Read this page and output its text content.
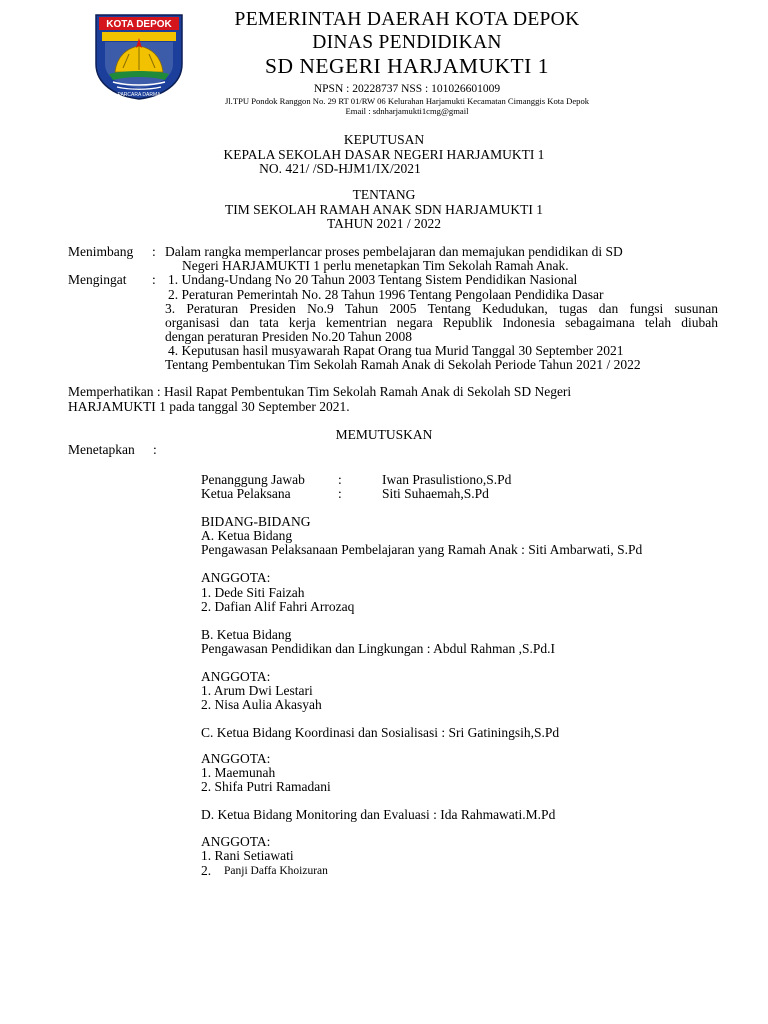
KOTA DEPOK
PARCARA DARMA
PEMERINTAH DAERAH KOTA DEPOK
DINAS PENDIDIKAN
SD NEGERI HARJAMUKTI 1
NPSN : 20228737 NSS : 101026601009
Jl.TPU Pondok Ranggon No. 29 RT 01/RW 06 Kelurahan Harjamukti Kecamatan Cimanggis Kota Depok
Email : sdnharjamukti1cmg@gmail
KEPUTUSAN
KEPALA SEKOLAH DASAR NEGERI HARJAMUKTI 1
NO. 421/ /SD-HJM1/IX/2021
TENTANG
TIM SEKOLAH RAMAH ANAK SDN HARJAMUKTI 1
TAHUN 2021 / 2022
Menimbang : Dalam rangka memperlancar proses pembelajaran dan memajukan pendidikan di SD
Negeri HARJAMUKTI 1 perlu menetapkan Tim Sekolah Ramah Anak.
Mengingat : 1. Undang-Undang No 20 Tahun 2003 Tentang Sistem Pendidikan Nasional
2. Peraturan Pemerintah No. 28 Tahun 1996 Tentang Pengolaan Pendidika Dasar
3. Peraturan Presiden No.9 Tahun 2005 Tentang Kedudukan, tugas dan fungsi susunan
organisasi dan tata kerja kementrian negara Republik Indonesia sebagaimana telah diubah
dengan peraturan Presiden No.20 Tahun 2008
4. Keputusan hasil musyawarah Rapat Orang tua Murid Tanggal 30 September 2021
Tentang Pembentukan Tim Sekolah Ramah Anak di Sekolah Periode Tahun 2021 / 2022
Memperhatikan : Hasil Rapat Pembentukan Tim Sekolah Ramah Anak di Sekolah SD Negeri
HARJAMUKTI 1 pada tanggal 30 September 2021.
MEMUTUSKAN
Menetapkan :
Penanggung Jawab :	Iwan Prasulistiono,S.Pd
Ketua Pelaksana	:	Siti Suhaemah,S.Pd
BIDANG-BIDANG
A. Ketua Bidang
Pengawasan Pelaksanaan Pembelajaran yang Ramah Anak : Siti Ambarwati, S.Pd
ANGGOTA:
1. Dede Siti Faizah
2. Dafian Alif Fahri Arrozaq
B. Ketua Bidang
Pengawasan Pendidikan dan Lingkungan : Abdul Rahman ,S.Pd.I
ANGGOTA:
1. Arum Dwi Lestari
2. Nisa Aulia Akasyah
C. Ketua Bidang Koordinasi dan Sosialisasi : Sri Gatiningsih,S.Pd
ANGGOTA:
1. Maemunah
2. Shifa Putri Ramadani
D. Ketua Bidang Monitoring dan Evaluasi : Ida Rahmawati.M.Pd
ANGGOTA:
1. Rani Setiawati
2. Panji Daffa Khoizuran
